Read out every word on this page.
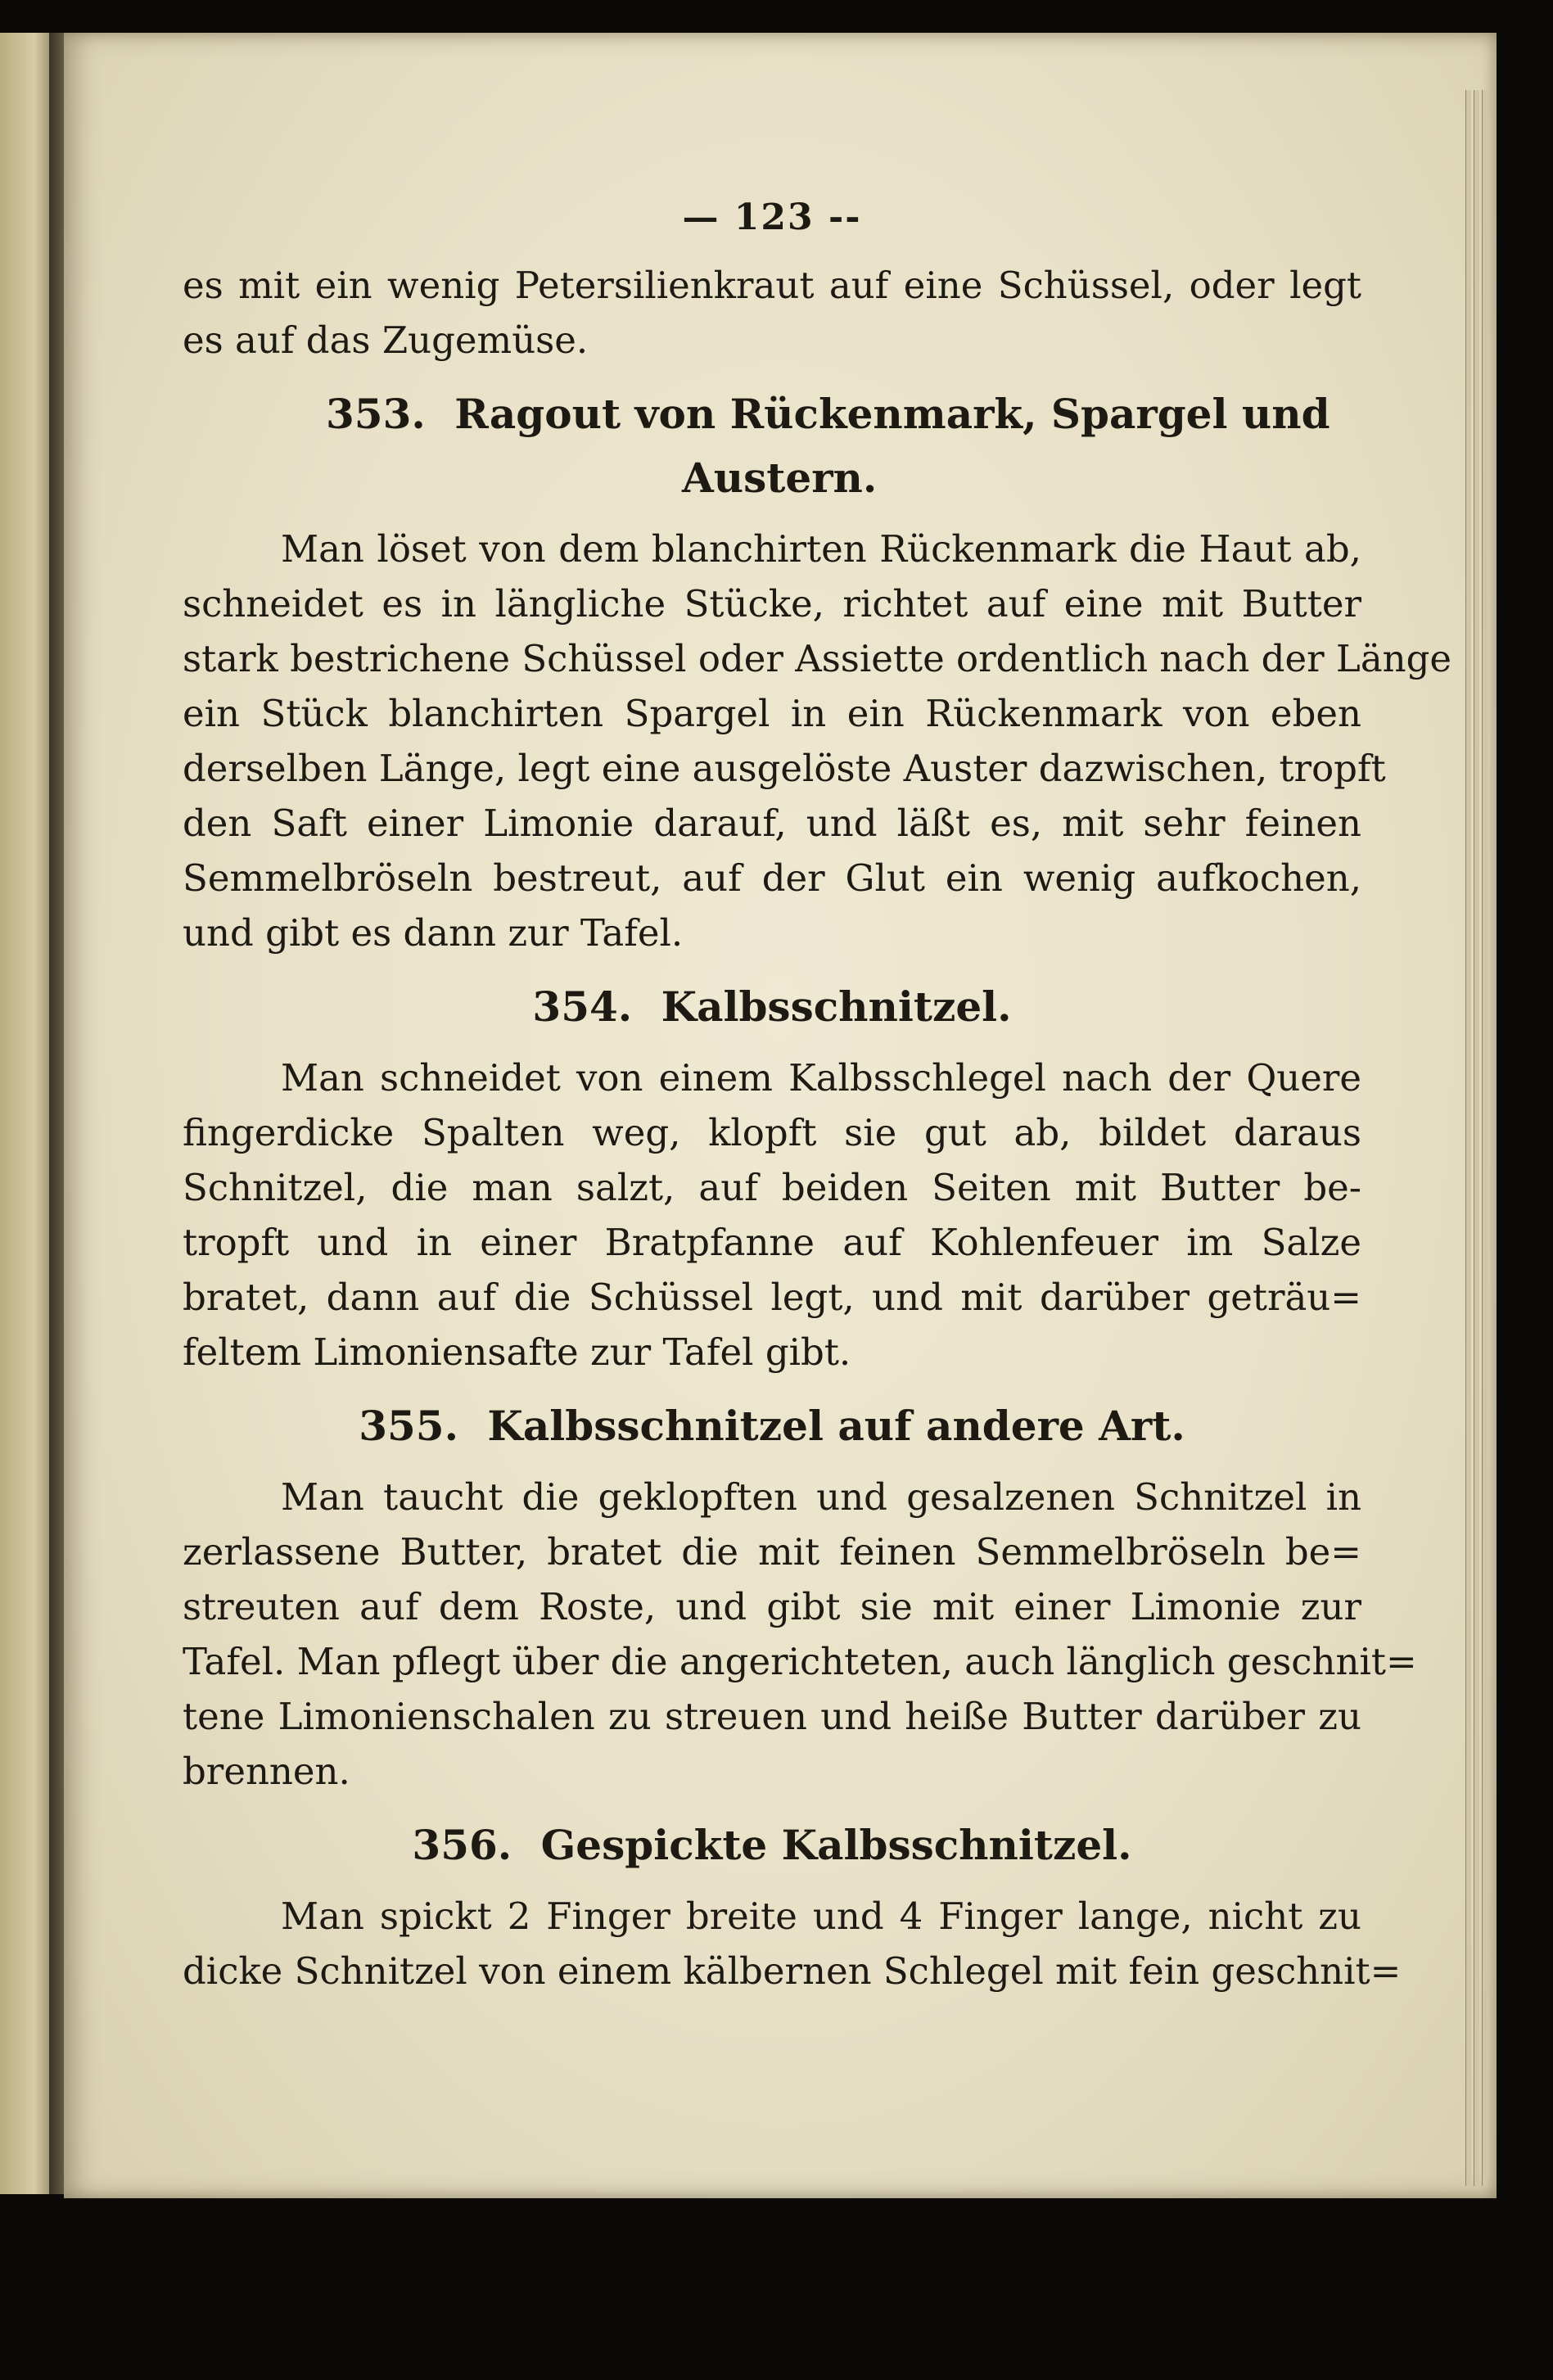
— 123 --
es mit ein wenig Petersilienkraut auf eine Schüssel, oder legt
es auf das Zugemüse.
353. Ragout von Rückenmark, Spargel und
Austern.
Man löset von dem blanchirten Rückenmark die Haut ab,
schneidet es in längliche Stücke, richtet auf eine mit Butter
stark bestrichene Schüssel oder Assiette ordentlich nach der Länge
ein Stück blanchirten Spargel in ein Rückenmark von eben
derselben Länge, legt eine ausgelöste Auster dazwischen, tropft
den Saft einer Limonie darauf, und läßt es, mit sehr feinen
Semmelbröseln bestreut, auf der Glut ein wenig aufkochen,
und gibt es dann zur Tafel.
354. Kalbsschnitzel.
Man schneidet von einem Kalbsschlegel nach der Quere
fingerdicke Spalten weg, klopft sie gut ab, bildet daraus
Schnitzel, die man salzt, auf beiden Seiten mit Butter be-
tropft und in einer Bratpfanne auf Kohlenfeuer im Salze
bratet, dann auf die Schüssel legt, und mit darüber geträu=
feltem Limoniensafte zur Tafel gibt.
355. Kalbsschnitzel auf andere Art.
Man taucht die geklopften und gesalzenen Schnitzel in
zerlassene Butter, bratet die mit feinen Semmelbröseln be=
streuten auf dem Roste, und gibt sie mit einer Limonie zur
Tafel. Man pflegt über die angerichteten, auch länglich geschnit=
tene Limonienschalen zu streuen und heiße Butter darüber zu
brennen.
356. Gespickte Kalbsschnitzel.
Man spickt 2 Finger breite und 4 Finger lange, nicht zu
dicke Schnitzel von einem kälbernen Schlegel mit fein geschnit=
